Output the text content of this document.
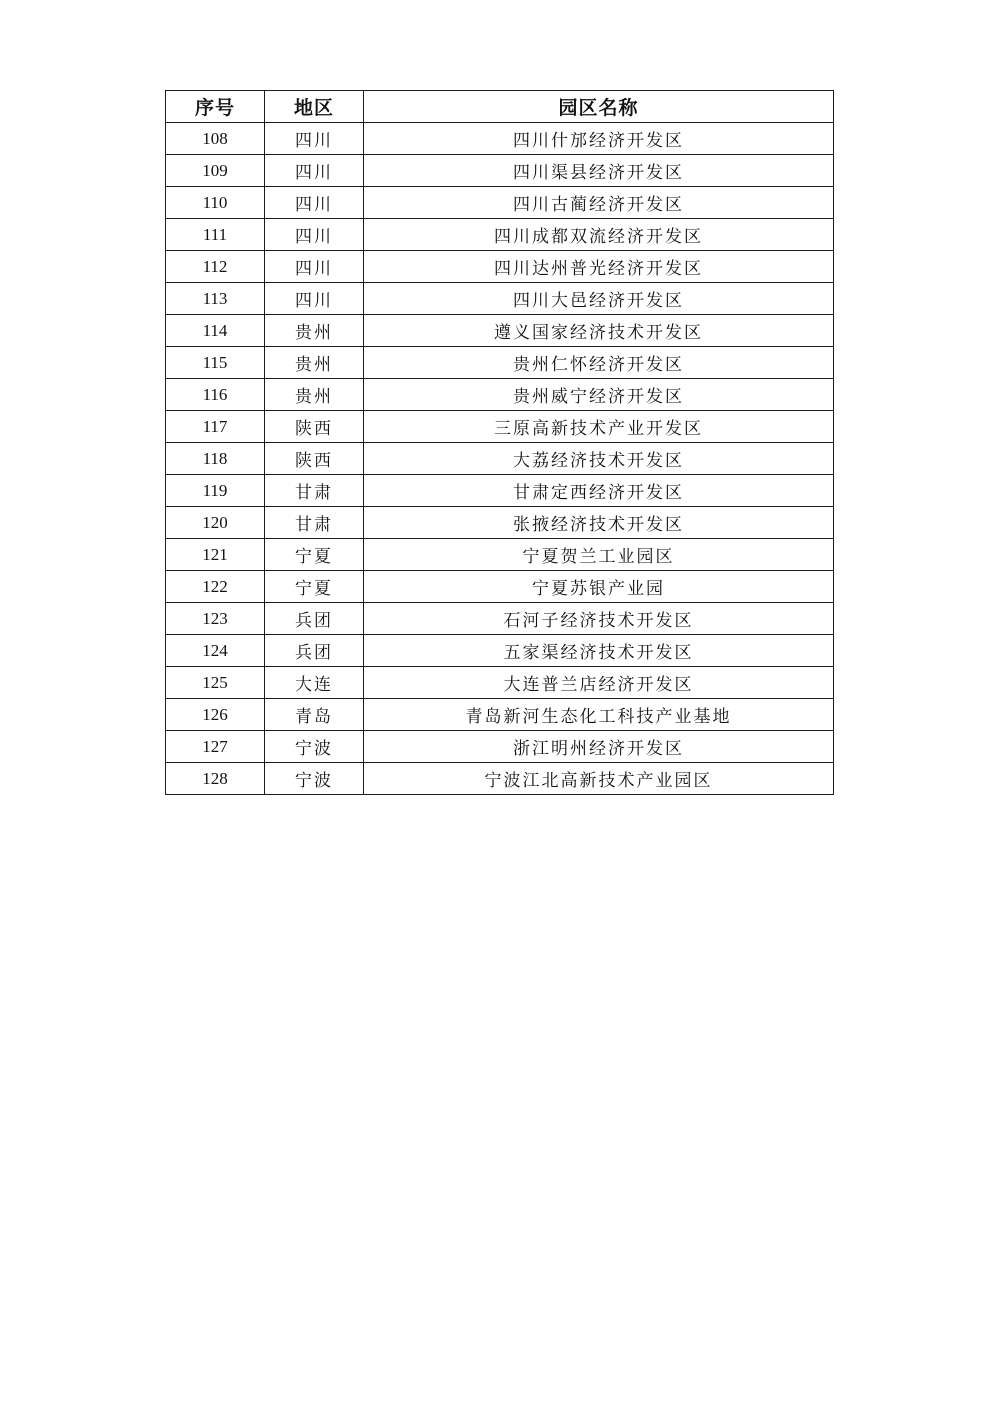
序号	地区	园区名称
108	四川	四川什邡经济开发区
109	四川	四川渠县经济开发区
110	四川	四川古蔺经济开发区
111	四川	四川成都双流经济开发区
112	四川	四川达州普光经济开发区
113	四川	四川大邑经济开发区
114	贵州	遵义国家经济技术开发区
115	贵州	贵州仁怀经济开发区
116	贵州	贵州威宁经济开发区
117	陕西	三原高新技术产业开发区
118	陕西	大荔经济技术开发区
119	甘肃	甘肃定西经济开发区
120	甘肃	张掖经济技术开发区
121	宁夏	宁夏贺兰工业园区
122	宁夏	宁夏苏银产业园
123	兵团	石河子经济技术开发区
124	兵团	五家渠经济技术开发区
125	大连	大连普兰店经济开发区
126	青岛	青岛新河生态化工科技产业基地
127	宁波	浙江明州经济开发区
128	宁波	宁波江北高新技术产业园区
